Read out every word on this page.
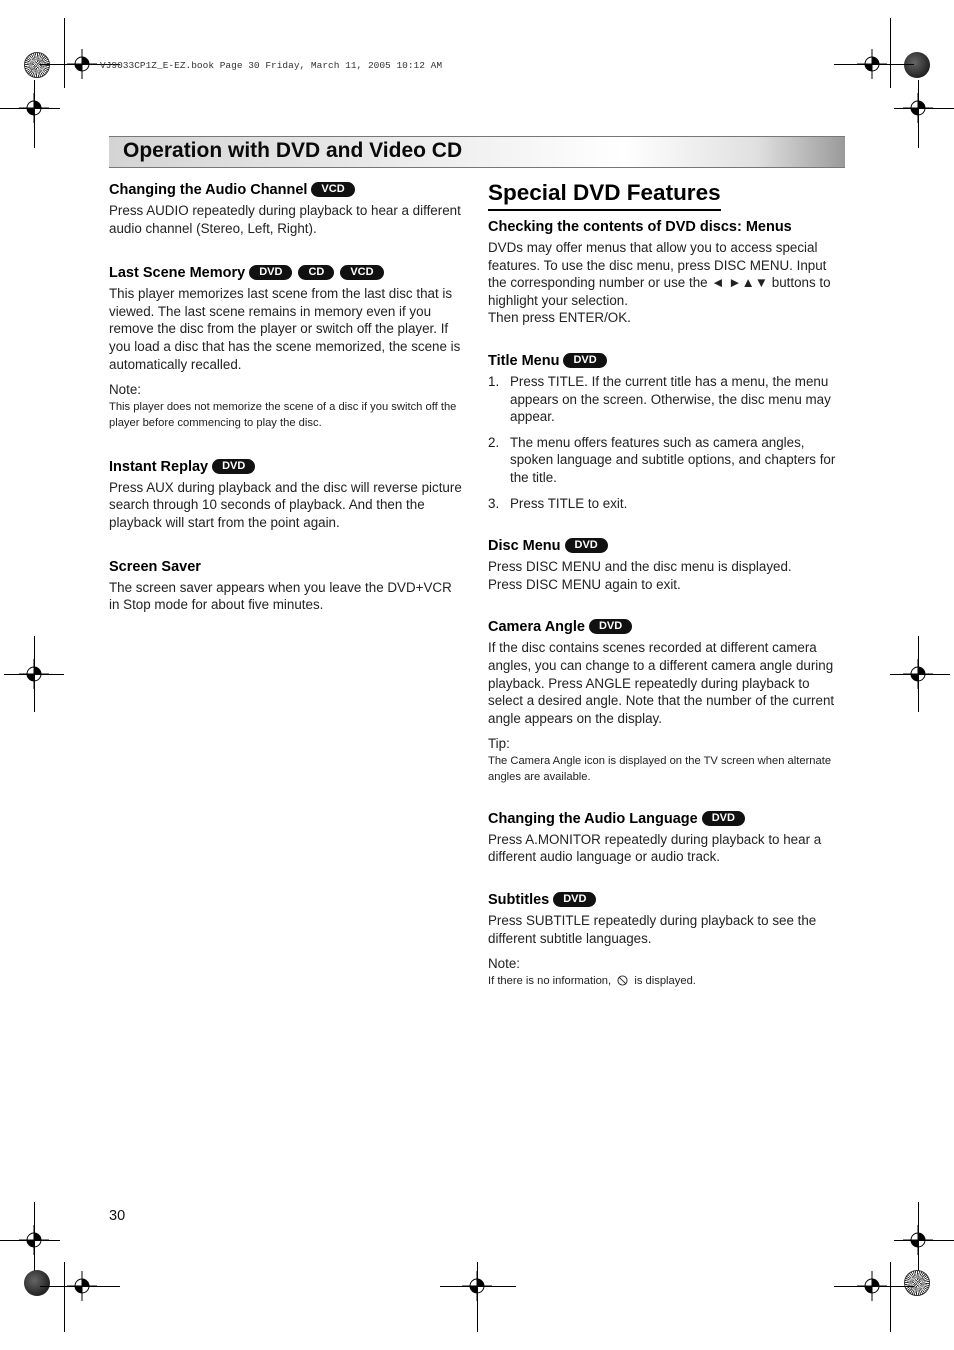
VJ9033CP1Z_E-EZ.book Page 30 Friday, March 11, 2005 10:12 AM
Operation with DVD and Video CD
Changing the Audio Channel VCD

Press AUDIO repeatedly during playback to hear a different audio channel (Stereo, Left, Right).

Last Scene Memory DVD CD VCD

This player memorizes last scene from the last disc that is viewed. The last scene remains in memory even if you remove the disc from the player or switch off the player. If you load a disc that has the scene memorized, the scene is automatically recalled.

Note:
This player does not memorize the scene of a disc if you switch off the player before commencing to play the disc.
Instant Replay DVD

Press AUX during playback and the disc will reverse picture search through 10 seconds of playback. And then the playback will start from the point again.

Screen Saver

The screen saver appears when you leave the DVD+VCR in Stop mode for about five minutes.

Special DVD Features
Checking the contents of DVD discs: Menus

DVDs may offer menus that allow you to access special features. To use the disc menu, press DISC MENU. Input the corresponding number or use the ◄ ►▲▼ buttons to highlight your selection.

Then press ENTER/OK.

Title Menu DVD
1. Press TITLE. If the current title has a menu, the menu appears on the screen. Otherwise, the disc menu may appear.
2. The menu offers features such as camera angles, spoken language and subtitle options, and chapters for the title.
3. Press TITLE to exit.
Disc Menu DVD

Press DISC MENU and the disc menu is displayed.

Press DISC MENU again to exit.

Camera Angle DVD

If the disc contains scenes recorded at different camera angles, you can change to a different camera angle during playback. Press ANGLE repeatedly during playback to select a desired angle. Note that the number of the current angle appears on the display.

Tip:
The Camera Angle icon is displayed on the TV screen when alternate angles are available.
Changing the Audio Language DVD

Press A.MONITOR repeatedly during playback to hear a different audio language or audio track.

Subtitles DVD

Press SUBTITLE repeatedly during playback to see the different subtitle languages.

Note:
If there is no information, is displayed.
30
